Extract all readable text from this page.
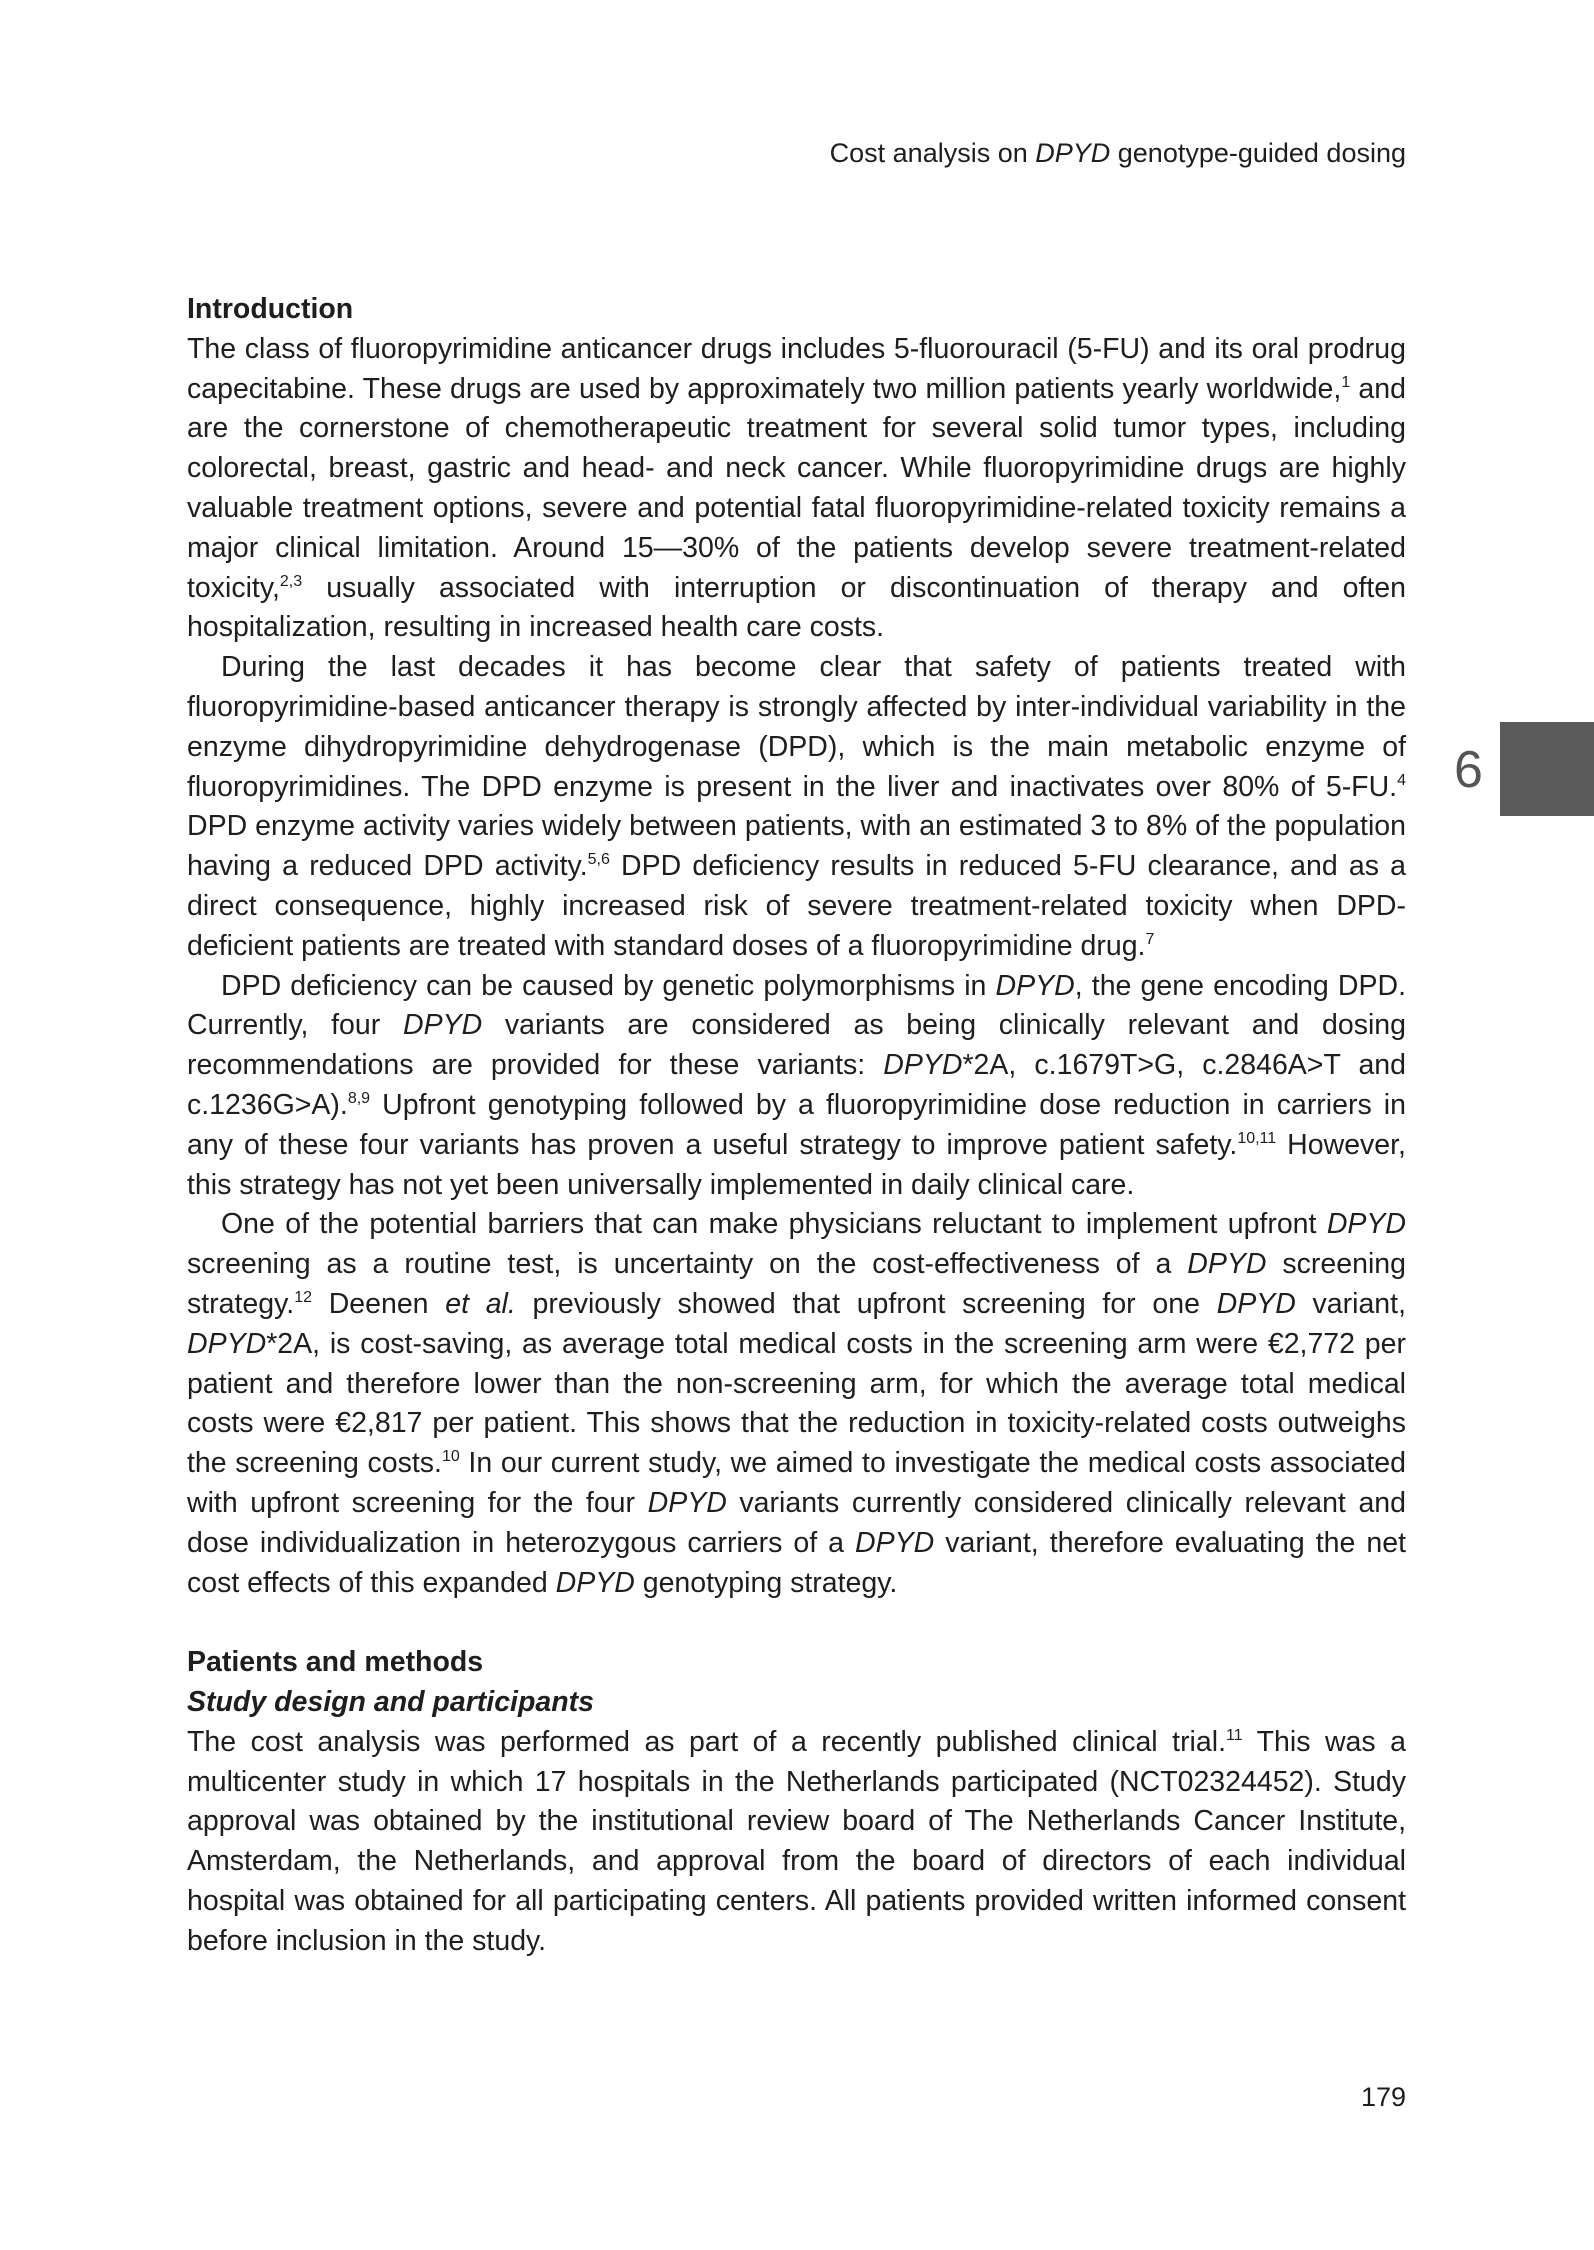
Cost analysis on DPYD genotype-guided dosing
6
Introduction

The class of fluoropyrimidine anticancer drugs includes 5-fluorouracil (5-FU) and its oral prodrug capecitabine. These drugs are used by approximately two million patients yearly worldwide,$^1$ and are the cornerstone of chemotherapeutic treatment for several solid tumor types, including colorectal, breast, gastric and head- and neck cancer. While fluoropyrimidine drugs are highly valuable treatment options, severe and potential fatal fluoropyrimidine-related toxicity remains a major clinical limitation. Around 15—30% of the patients develop severe treatment-related toxicity,$^{2,3}$ usually associated with interruption or discontinuation of therapy and often hospitalization, resulting in increased health care costs.

During the last decades it has become clear that safety of patients treated with fluoropyrimidine-based anticancer therapy is strongly affected by inter-individual variability in the enzyme dihydropyrimidine dehydrogenase (DPD), which is the main metabolic enzyme of fluoropyrimidines. The DPD enzyme is present in the liver and inactivates over 80% of 5-FU.$^4$ DPD enzyme activity varies widely between patients, with an estimated 3 to 8% of the population having a reduced DPD activity.$^{5,6}$ DPD deficiency results in reduced 5-FU clearance, and as a direct consequence, highly increased risk of severe treatment-related toxicity when DPD-deficient patients are treated with standard doses of a fluoropyrimidine drug.$^7$

DPD deficiency can be caused by genetic polymorphisms in DPYD, the gene encoding DPD. Currently, four DPYD variants are considered as being clinically relevant and dosing recommendations are provided for these variants: DPYD*2A, c.1679T>G, c.2846A>T and c.1236G>A).$^{8,9}$ Upfront genotyping followed by a fluoropyrimidine dose reduction in carriers in any of these four variants has proven a useful strategy to improve patient safety.$^{10,11}$ However, this strategy has not yet been universally implemented in daily clinical care.

One of the potential barriers that can make physicians reluctant to implement upfront DPYD screening as a routine test, is uncertainty on the cost-effectiveness of a DPYD screening strategy.$^{12}$ Deenen et al. previously showed that upfront screening for one DPYD variant, DPYD*2A, is cost-saving, as average total medical costs in the screening arm were €2,772 per patient and therefore lower than the non-screening arm, for which the average total medical costs were €2,817 per patient. This shows that the reduction in toxicity-related costs outweighs the screening costs.$^{10}$ In our current study, we aimed to investigate the medical costs associated with upfront screening for the four DPYD variants currently considered clinically relevant and dose individualization in heterozygous carriers of a DPYD variant, therefore evaluating the net cost effects of this expanded DPYD genotyping strategy.

Patients and methods
Study design and participants

The cost analysis was performed as part of a recently published clinical trial.$^{11}$ This was a multicenter study in which 17 hospitals in the Netherlands participated (NCT02324452). Study approval was obtained by the institutional review board of The Netherlands Cancer Institute, Amsterdam, the Netherlands, and approval from the board of directors of each individual hospital was obtained for all participating centers. All patients provided written informed consent before inclusion in the study.

179
